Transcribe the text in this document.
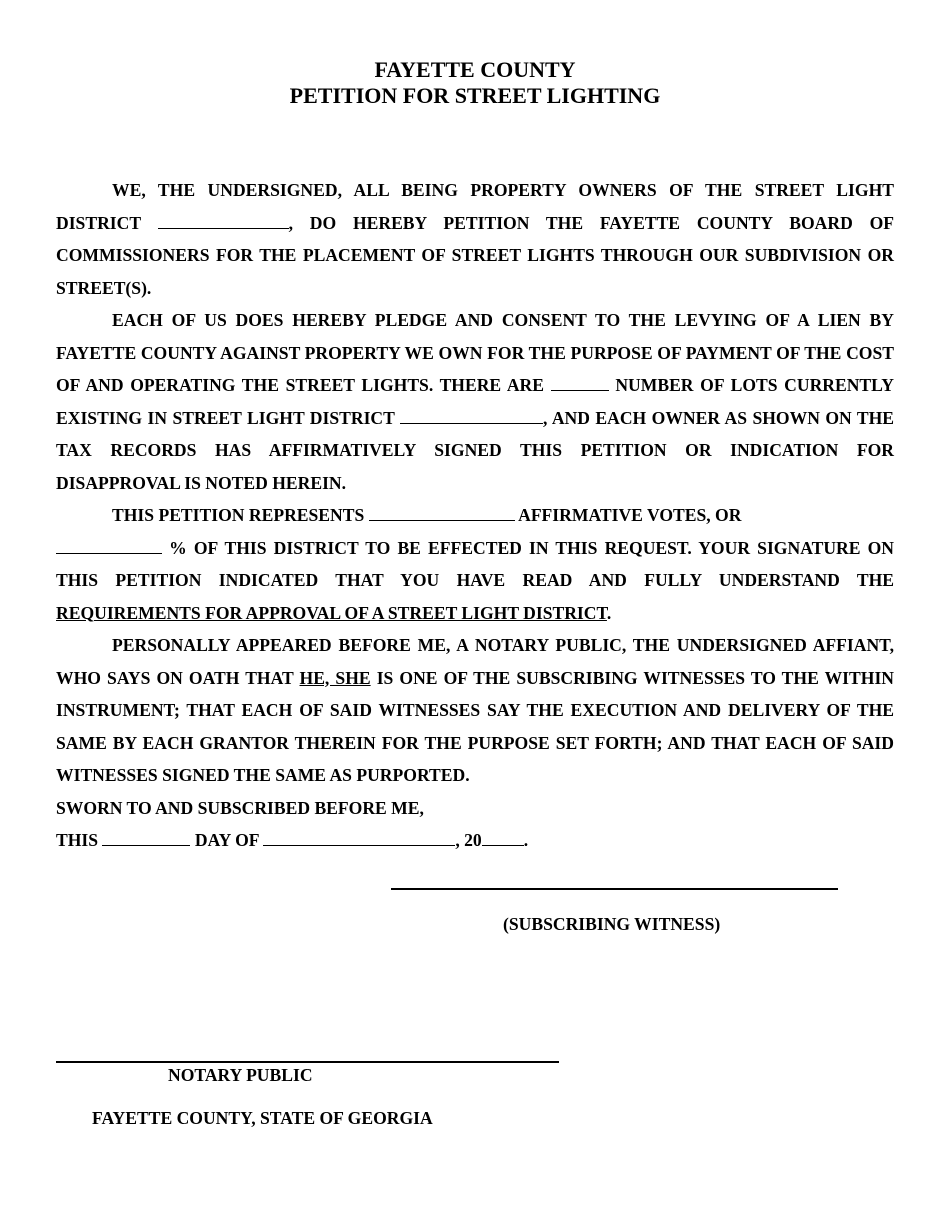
FAYETTE COUNTY
PETITION FOR STREET LIGHTING

WE, THE UNDERSIGNED, ALL BEING PROPERTY OWNERS OF THE STREET LIGHT DISTRICT	, DO HEREBY PETITION THE FAYETTE COUNTY BOARD OF COMMISSIONERS FOR THE PLACEMENT OF STREET LIGHTS THROUGH OUR SUBDIVISION OR STREET(S).

EACH OF US DOES HEREBY PLEDGE AND CONSENT TO THE LEVYING OF A LIEN BY FAYETTE COUNTY AGAINST PROPERTY WE OWN FOR THE PURPOSE OF PAYMENT OF THE COST OF AND OPERATING THE STREET LIGHTS. THERE ARE	NUMBER OF LOTS CURRENTLY EXISTING IN STREET LIGHT DISTRICT	, AND EACH OWNER AS SHOWN ON THE TAX RECORDS HAS AFFIRMATIVELY SIGNED THIS PETITION OR INDICATION FOR DISAPPROVAL IS NOTED HEREIN.

THIS PETITION REPRESENTS	AFFIRMATIVE VOTES, OR

% OF THIS DISTRICT TO BE EFFECTED IN THIS REQUEST. YOUR SIGNATURE ON THIS PETITION INDICATED THAT YOU HAVE READ AND FULLY UNDERSTAND THE REQUIREMENTS FOR APPROVAL OF A STREET LIGHT DISTRICT.

PERSONALLY APPEARED BEFORE ME, A NOTARY PUBLIC, THE UNDERSIGNED AFFIANT, WHO SAYS ON OATH THAT HE, SHE IS ONE OF THE SUBSCRIBING WITNESSES TO THE WITHIN INSTRUMENT; THAT EACH OF SAID WITNESSES SAY THE EXECUTION AND DELIVERY OF THE SAME BY EACH GRANTOR THEREIN FOR THE PURPOSE SET FORTH; AND THAT EACH OF SAID WITNESSES SIGNED THE SAME AS PURPORTED.

SWORN TO AND SUBSCRIBED BEFORE ME,

THIS	DAY OF	, 20 .

(SUBSCRIBING WITNESS)
NOTARY PUBLIC
FAYETTE COUNTY, STATE OF GEORGIA
